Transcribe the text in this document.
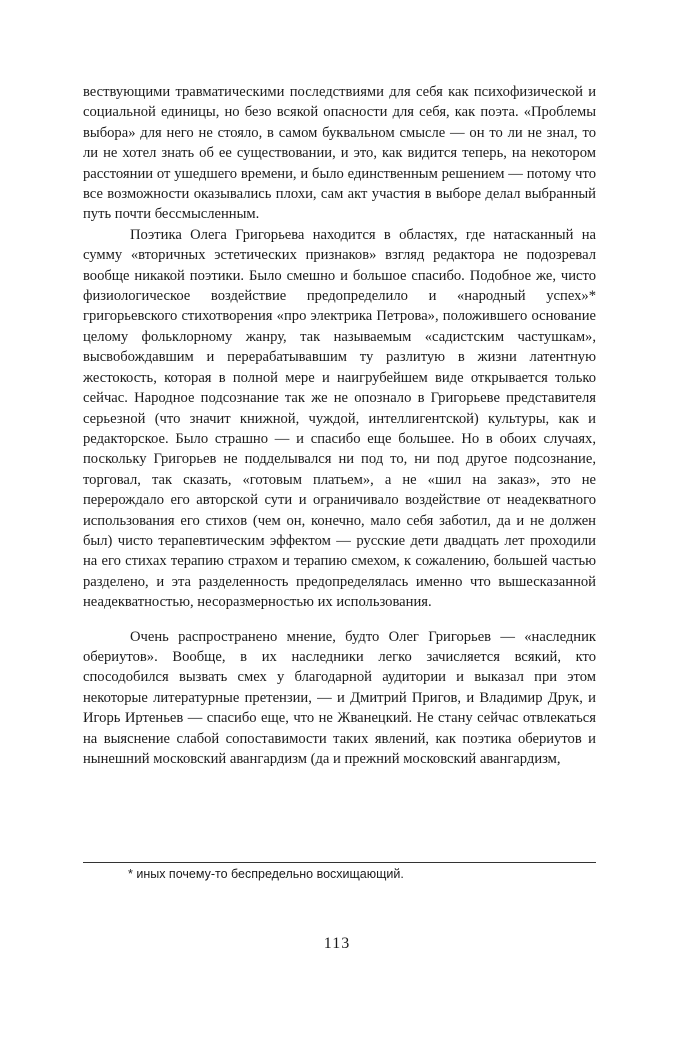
вествующими травматическими последствиями для себя как психофизической и социальной единицы, но безо всякой опасности для себя, как поэта. «Проблемы выбора» для него не стояло, в самом буквальном смысле — он то ли не знал, то ли не хотел знать об ее существовании, и это, как видится теперь, на некотором расстоянии от ушедшего времени, и было единственным решением — потому что все возможности оказывались плохи, сам акт участия в выборе делал выбранный путь почти бессмысленным.

Поэтика Олега Григорьева находится в областях, где натасканный на сумму «вторичных эстетических признаков» взгляд редактора не подозревал вообще никакой поэтики. Было смешно и большое спасибо. Подобное же, чисто физиологическое воздействие предопределило и «народный успех»* григорьевского стихотворения «про электрика Петрова», положившего основание целому фольклорному жанру, так называемым «садистским частушкам», высвобождавшим и перерабатывавшим ту разлитую в жизни латентную жестокость, которая в полной мере и наигрубейшем виде открывается только сейчас. Народное подсознание так же не опознало в Григорьеве представителя серьезной (что значит книжной, чуждой, интеллигентской) культуры, как и редакторское. Было страшно — и спасибо еще большее. Но в обоих случаях, поскольку Григорьев не подделывался ни под то, ни под другое подсознание, торговал, так сказать, «готовым платьем», а не «шил на заказ», это не перерождало его авторской сути и ограничивало воздействие от неадекватного использования его стихов (чем он, конечно, мало себя заботил, да и не должен был) чисто терапевтическим эффектом — русские дети двадцать лет проходили на его стихах терапию страхом и терапию смехом, к сожалению, большей частью разделено, и эта разделенность предопределялась именно что вышесказанной неадекватностью, несоразмерностью их использования.

Очень распространено мнение, будто Олег Григорьев — «наследник обериутов». Вообще, в их наследники легко зачисляется всякий, кто спосодобился вызвать смех у благодарной аудитории и выказал при этом некоторые литературные претензии, — и Дмитрий Пригов, и Владимир Друк, и Игорь Иртеньев — спасибо еще, что не Жванецкий. Не стану сейчас отвлекаться на выяснение слабой сопоставимости таких явлений, как поэтика обериутов и нынешний московский авангардизм (да и прежний московский авангардизм,

* иных почему-то беспредельно восхищающий.
113
